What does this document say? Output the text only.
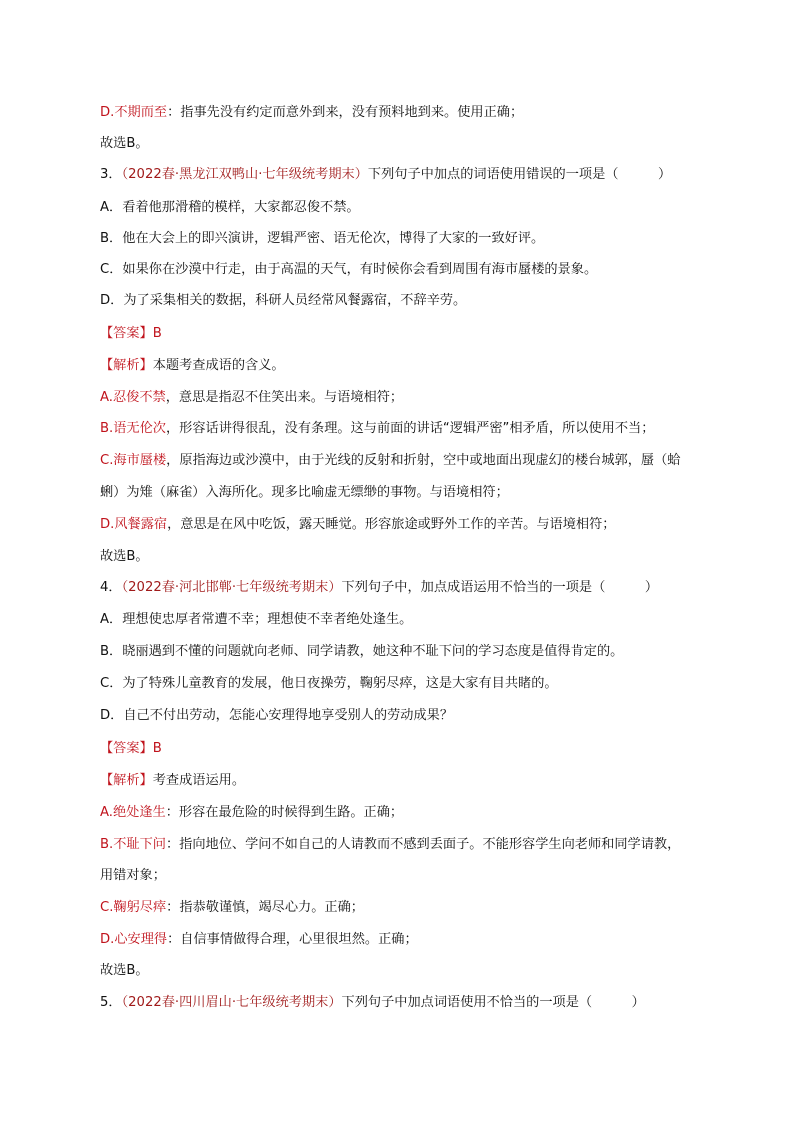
D.不期而至：指事先没有约定而意外到来，没有预料地到来。使用正确；
故选B。
3．（2022春·黑龙江双鸭山·七年级统考期末）下列句子中加点的词语使用错误的一项是（　　　）
A．看着他那滑稽的模样，大家都忍俊不禁。
B．他在大会上的即兴演讲，逻辑严密、语无伦次，博得了大家的一致好评。
C．如果你在沙漠中行走，由于高温的天气，有时候你会看到周围有海市蜃楼的景象。
D．为了采集相关的数据，科研人员经常风餐露宿，不辞辛劳。
【答案】B
【解析】本题考查成语的含义。
A.忍俊不禁，意思是指忍不住笑出来。与语境相符；
B.语无伦次，形容话讲得很乱，没有条理。这与前面的讲话“逻辑严密”相矛盾，所以使用不当；
C.海市蜃楼，原指海边或沙漠中，由于光线的反射和折射，空中或地面出现虚幻的楼台城郭，蜃（蛤
蜊）为雉（麻雀）入海所化。现多比喻虚无缥缈的事物。与语境相符；
D.风餐露宿，意思是在风中吃饭，露天睡觉。形容旅途或野外工作的辛苦。与语境相符；
故选B。
4．（2022春·河北邯郸·七年级统考期末）下列句子中，加点成语运用不恰当的一项是（　　　）
A．理想使忠厚者常遭不幸；理想使不幸者绝处逢生。
B．晓丽遇到不懂的问题就向老师、同学请教，她这种不耻下问的学习态度是值得肯定的。
C．为了特殊儿童教育的发展，他日夜操劳，鞠躬尽瘁，这是大家有目共睹的。
D．自己不付出劳动，怎能心安理得地享受别人的劳动成果？
【答案】B
【解析】考查成语运用。
A.绝处逢生：形容在最危险的时候得到生路。正确；
B.不耻下问：指向地位、学问不如自己的人请教而不感到丢面子。不能形容学生向老师和同学请教，
用错对象；
C.鞠躬尽瘁：指恭敬谨慎，竭尽心力。正确；
D.心安理得：自信事情做得合理，心里很坦然。正确；
故选B。
5．（2022春·四川眉山·七年级统考期末）下列句子中加点词语使用不恰当的一项是（　　　）
